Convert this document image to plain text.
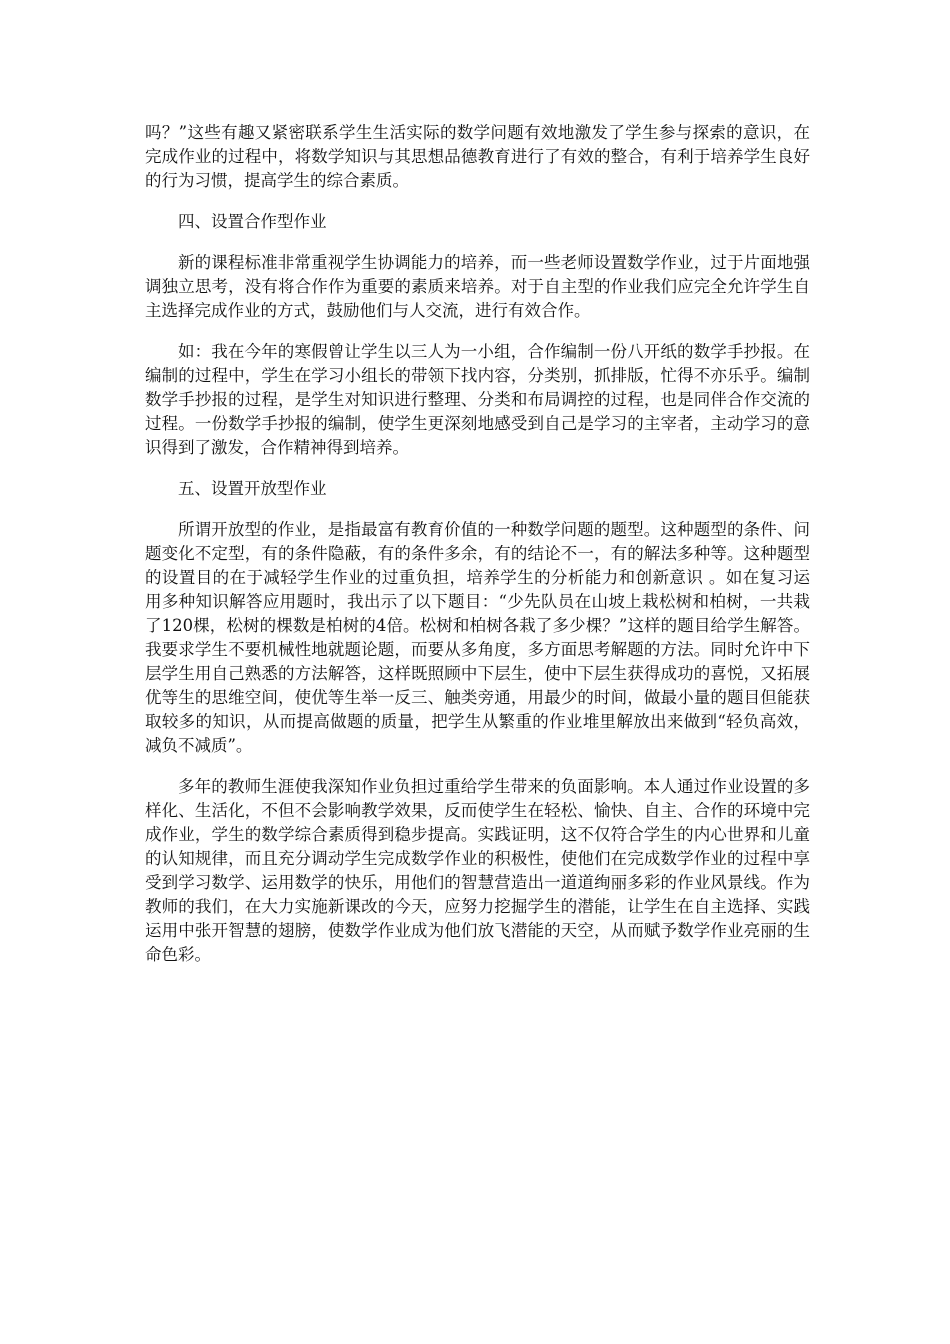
吗？”这些有趣又紧密联系学生生活实际的数学问题有效地激发了学生参与探索的意识，在完成作业的过程中，将数学知识与其思想品德教育进行了有效的整合，有利于培养学生良好的行为习惯，提高学生的综合素质。

四、设置合作型作业

新的课程标准非常重视学生协调能力的培养，而一些老师设置数学作业，过于片面地强调独立思考，没有将合作作为重要的素质来培养。对于自主型的作业我们应完全允许学生自主选择完成作业的方式，鼓励他们与人交流，进行有效合作。

如：我在今年的寒假曾让学生以三人为一小组，合作编制一份八开纸的数学手抄报。在编制的过程中，学生在学习小组长的带领下找内容，分类别，抓排版，忙得不亦乐乎。编制数学手抄报的过程，是学生对知识进行整理、分类和布局调控的过程，也是同伴合作交流的过程。一份数学手抄报的编制，使学生更深刻地感受到自己是学习的主宰者，主动学习的意识得到了激发，合作精神得到培养。

五、设置开放型作业

所谓开放型的作业，是指最富有教育价值的一种数学问题的题型。这种题型的条件、问题变化不定型，有的条件隐蔽，有的条件多余，有的结论不一，有的解法多种等。这种题型的设置目的在于减轻学生作业的过重负担，培养学生的分析能力和创新意识 。如在复习运用多种知识解答应用题时，我出示了以下题目：“少先队员在山坡上栽松树和柏树，一共栽了120棵，松树的棵数是柏树的4倍。松树和柏树各栽了多少棵？”这样的题目给学生解答。我要求学生不要机械性地就题论题，而要从多角度，多方面思考解题的方法。同时允许中下层学生用自己熟悉的方法解答，这样既照顾中下层生，使中下层生获得成功的喜悦，又拓展优等生的思维空间，使优等生举一反三、触类旁通，用最少的时间，做最小量的题目但能获取较多的知识，从而提高做题的质量，把学生从繁重的作业堆里解放出来做到“轻负高效，减负不减质”。

多年的教师生涯使我深知作业负担过重给学生带来的负面影响。本人通过作业设置的多样化、生活化，不但不会影响教学效果，反而使学生在轻松、愉快、自主、合作的环境中完成作业，学生的数学综合素质得到稳步提高。实践证明，这不仅符合学生的内心世界和儿童的认知规律，而且充分调动学生完成数学作业的积极性，使他们在完成数学作业的过程中享受到学习数学、运用数学的快乐，用他们的智慧营造出一道道绚丽多彩的作业风景线。作为教师的我们，在大力实施新课改的今天，应努力挖掘学生的潜能，让学生在自主选择、实践运用中张开智慧的翅膀，使数学作业成为他们放飞潜能的天空，从而赋予数学作业亮丽的生命色彩。
